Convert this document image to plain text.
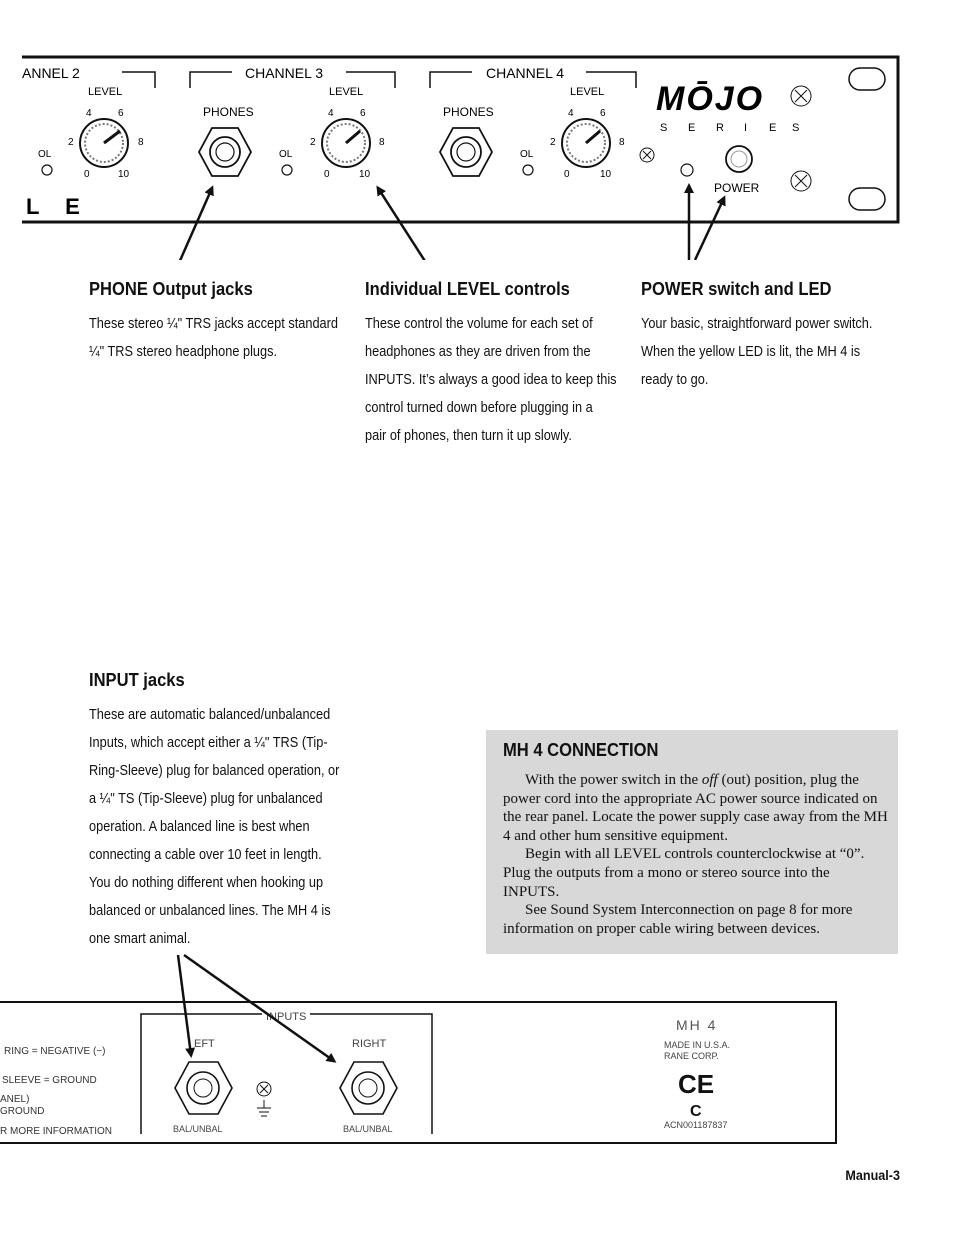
ANNEL 2	CHANNEL 3	CHANNEL 4
LEVEL
4	6
2	8
0	10
OL
PHONES
LEVEL
4	6
2	8
0	10
OL
PHONES
LEVEL
4	6
2	8
0	10
OL
MŌJO
S E R I E S
POWER
L E
PHONE Output jacks
These stereo ¼" TRS jacks accept standard
¼" TRS stereo headphone plugs.
Individual LEVEL controls
These control the volume for each set of
headphones as they are driven from the
INPUTS. It’s always a good idea to keep this
control turned down before plugging in a
pair of phones, then turn it up slowly.
POWER switch and LED
Your basic, straightforward power switch.
When the yellow LED is lit, the MH 4 is
ready to go.
INPUT jacks
These are automatic balanced/unbalanced
Inputs, which accept either a ¼" TRS (Tip-
Ring-Sleeve) plug for balanced operation, or
a ¼" TS (Tip-Sleeve) plug for unbalanced
operation. A balanced line is best when
connecting a cable over 10 feet in length.
You do nothing different when hooking up
balanced or unbalanced lines. The MH 4 is
one smart animal.
MH 4 CONNECTION
With the power switch in the off (out) position, plug the power cord into the appropriate AC power source indicated on the rear panel. Locate the power supply case away from the MH 4 and other hum sensitive equipment.
Begin with all LEVEL controls counterclockwise at “0”. Plug the outputs from a mono or stereo source into the INPUTS.
See Sound System Interconnection on page 8 for more information on proper cable wiring between devices.
RING = NEGATIVE (−)
SLEEVE = GROUND
ANEL)
GROUND
R MORE INFORMATION
INPUTS
EFT	RIGHT
BAL/UNBAL	BAL/UNBAL
MH 4
MADE IN U.S.A.
RANE CORP.
CE
C
ACN001187837
Manual-3
